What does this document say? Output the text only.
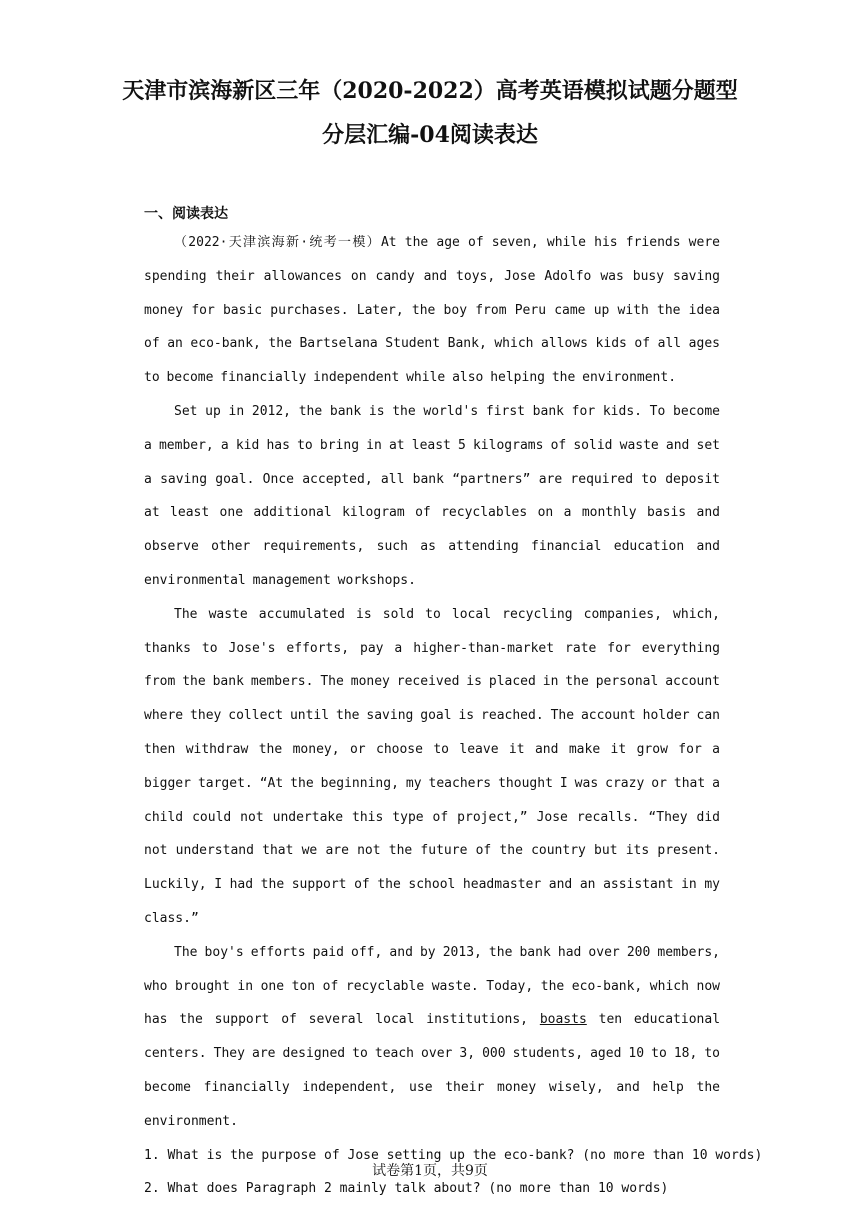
天津市滨海新区三年（2020-2022）高考英语模拟试题分题型
分层汇编-04阅读表达
一、阅读表达

（2022·天津滨海新·统考一模）At the age of seven, while his friends were spending their allowances on candy and toys, Jose Adolfo was busy saving money for basic purchases. Later, the boy from Peru came up with the idea of an eco-bank, the Bartselana Student Bank, which allows kids of all ages to become financially independent while also helping the environment.

Set up in 2012, the bank is the world's first bank for kids. To become a member, a kid has to bring in at least 5 kilograms of solid waste and set a saving goal. Once accepted, all bank “partners” are required to deposit at least one additional kilogram of recyclables on a monthly basis and observe other requirements, such as attending financial education and environmental management workshops.

The waste accumulated is sold to local recycling companies, which, thanks to Jose's efforts, pay a higher-than-market rate for everything from the bank members. The money received is placed in the personal account where they collect until the saving goal is reached. The account holder can then withdraw the money, or choose to leave it and make it grow for a bigger target. “At the beginning, my teachers thought I was crazy or that a child could not undertake this type of project,” Jose recalls. “They did not understand that we are not the future of the country but its present. Luckily, I had the support of the school headmaster and an assistant in my class.”

The boy's efforts paid off, and by 2013, the bank had over 200 members, who brought in one ton of recyclable waste. Today, the eco-bank, which now has the support of several local institutions, boasts ten educational centers. They are designed to teach over 3, 000 students, aged 10 to 18, to become financially independent, use their money wisely, and help the environment.

1. What is the purpose of Jose setting up the eco-bank? (no more than 10 words)

2. What does Paragraph 2 mainly talk about? (no more than 10 words)

试卷第1页，共9页
